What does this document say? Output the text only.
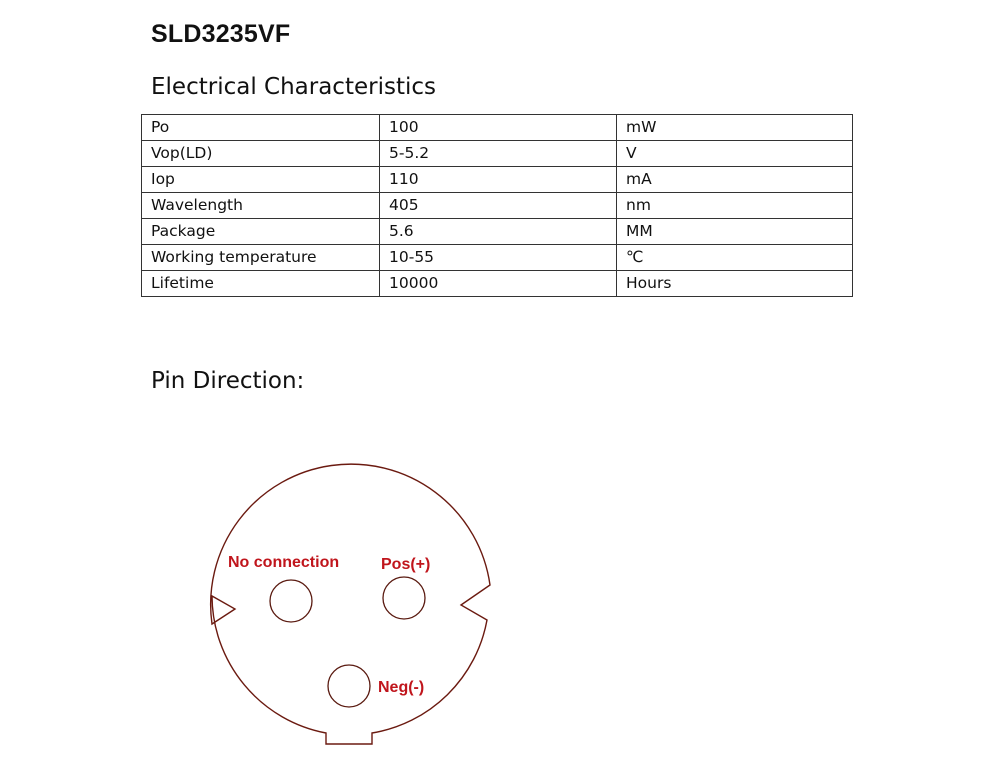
SLD3235VF
Electrical Characteristics
Po	100	mW
Vop(LD)	5-5.2	V
Iop	110	mA
Wavelength	405	nm
Package	5.6	MM
Working temperature	10-55	℃
Lifetime	10000	Hours
Pin Direction:
No connection	Pos(+)
Neg(-)
